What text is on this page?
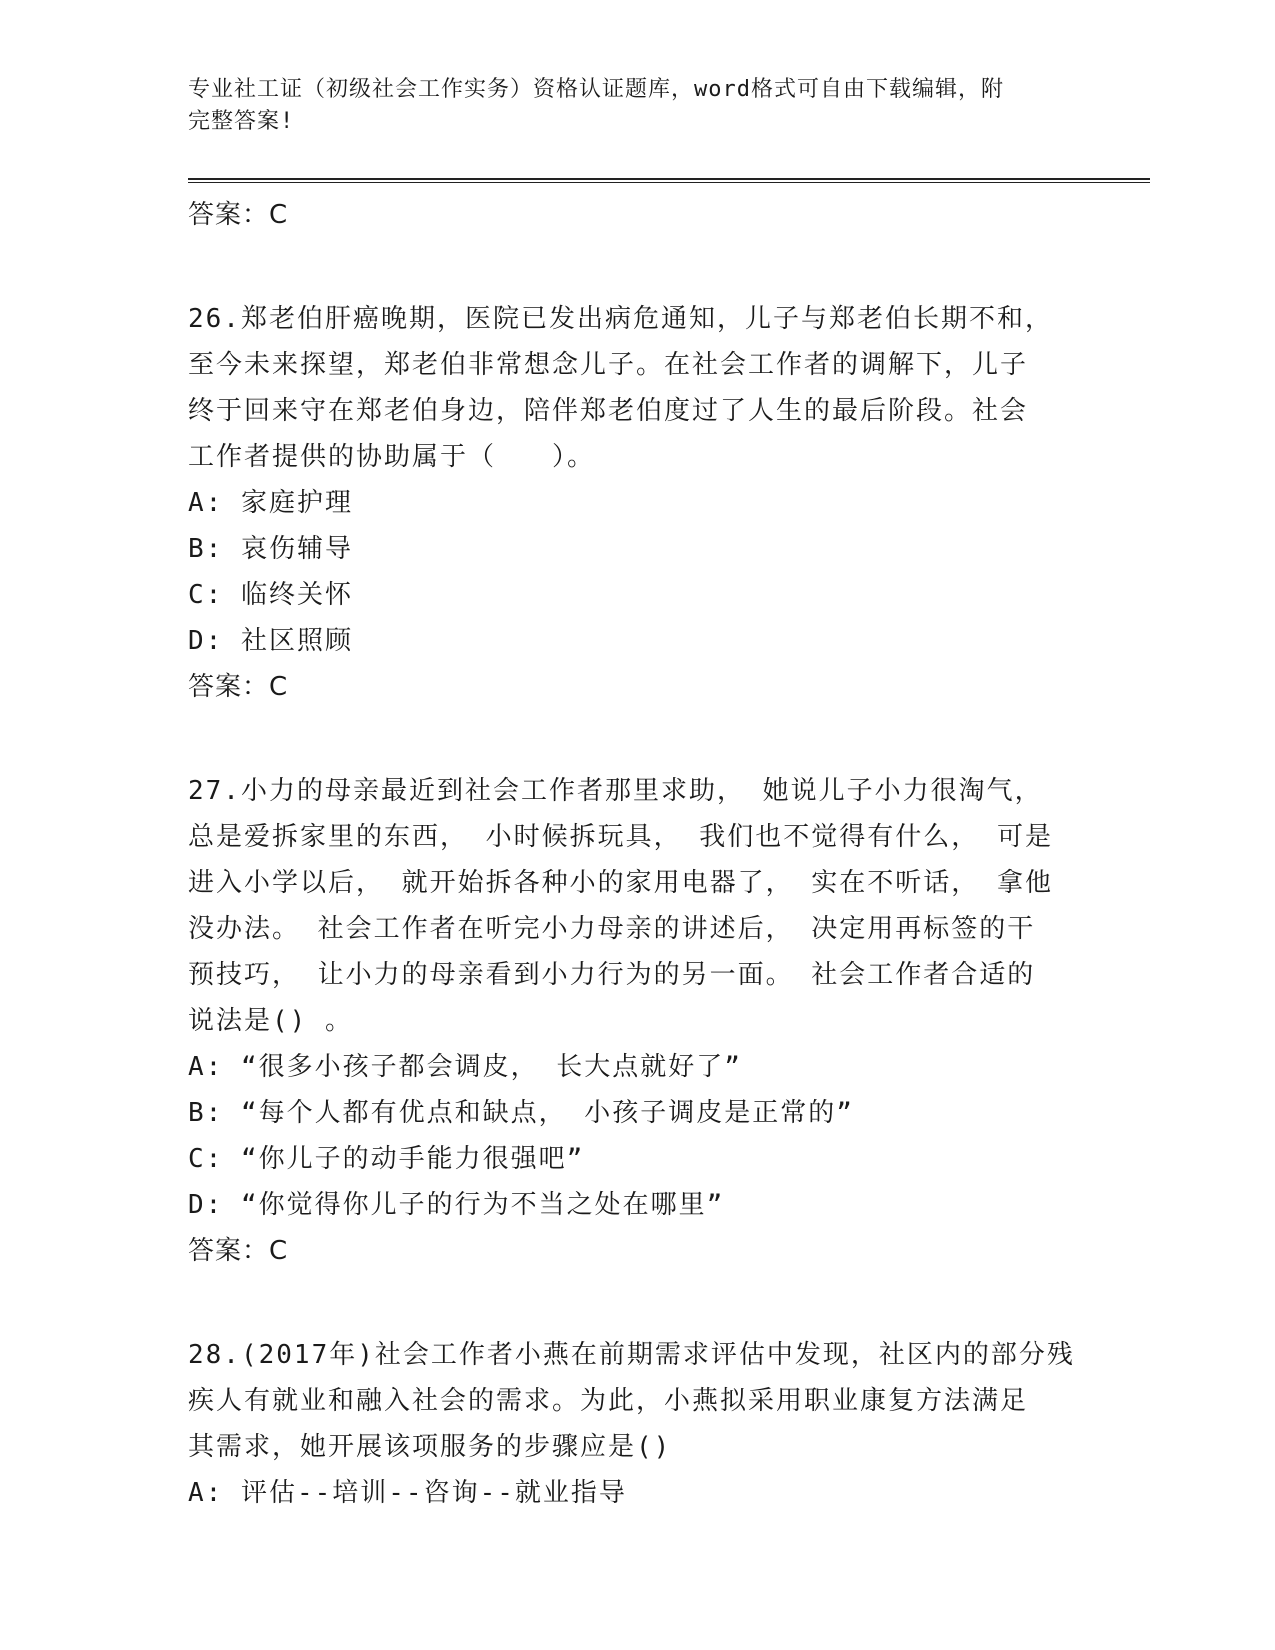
专业社工证（初级社会工作实务）资格认证题库，word格式可自由下载编辑，附
完整答案!
答案：C
26.郑老伯肝癌晚期，医院已发出病危通知，儿子与郑老伯长期不和，
至今未来探望，郑老伯非常想念儿子。在社会工作者的调解下，儿子
终于回来守在郑老伯身边，陪伴郑老伯度过了人生的最后阶段。社会
工作者提供的协助属于（　　）。
A: 家庭护理
B: 哀伤辅导
C: 临终关怀
D: 社区照顾
答案：C
27.小力的母亲最近到社会工作者那里求助， 她说儿子小力很淘气，
总是爱拆家里的东西， 小时候拆玩具， 我们也不觉得有什么， 可是
进入小学以后， 就开始拆各种小的家用电器了， 实在不听话， 拿他
没办法。 社会工作者在听完小力母亲的讲述后， 决定用再标签的干
预技巧， 让小力的母亲看到小力行为的另一面。 社会工作者合适的
说法是() 。
A: “很多小孩子都会调皮， 长大点就好了”
B: “每个人都有优点和缺点， 小孩子调皮是正常的”
C: “你儿子的动手能力很强吧”
D: “你觉得你儿子的行为不当之处在哪里”
答案：C
28.(2017年)社会工作者小燕在前期需求评估中发现，社区内的部分残
疾人有就业和融入社会的需求。为此，小燕拟采用职业康复方法满足
其需求，她开展该项服务的步骤应是()
A: 评估--培训--咨询--就业指导
